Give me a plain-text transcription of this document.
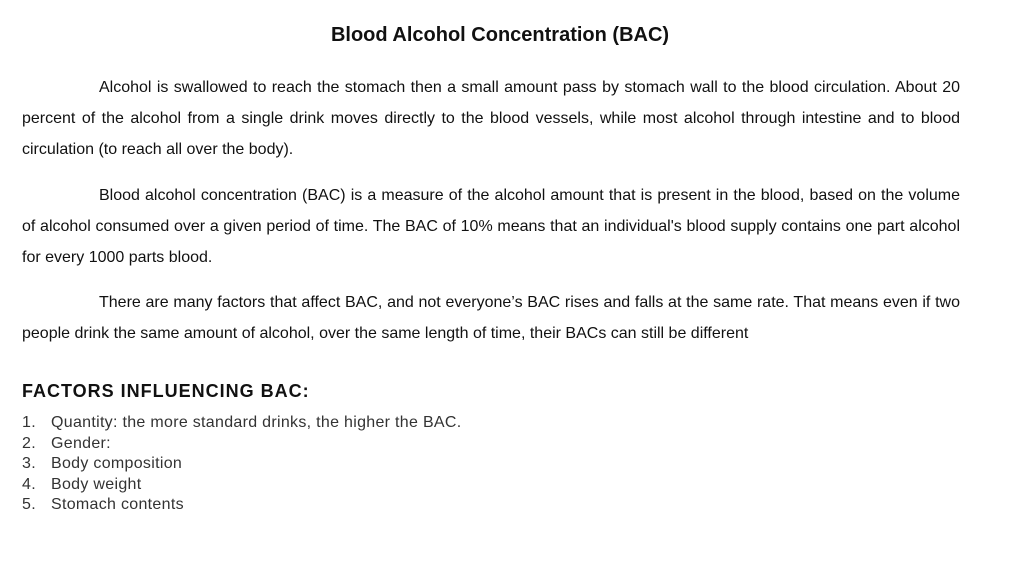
Blood Alcohol Concentration (BAC)

Alcohol is swallowed to reach the stomach then a small amount pass by stomach wall to the blood circulation. About 20 percent of the alcohol from a single drink moves directly to the blood vessels, while most alcohol through intestine and to blood circulation (to reach all over the body).

Blood alcohol concentration (BAC) is a measure of the alcohol amount that is present in the blood, based on the volume of alcohol consumed over a given period of time. The BAC of 10% means that an individual's blood supply contains one part alcohol for every 1000 parts blood.

There are many factors that affect BAC, and not everyone’s BAC rises and falls at the same rate. That means even if two people drink the same amount of alcohol, over the same length of time, their BACs can still be different

FACTORS INFLUENCING BAC:
1. Quantity: the more standard drinks, the higher the BAC.
2. Gender:
3. Body composition
4. Body weight
5. Stomach contents
